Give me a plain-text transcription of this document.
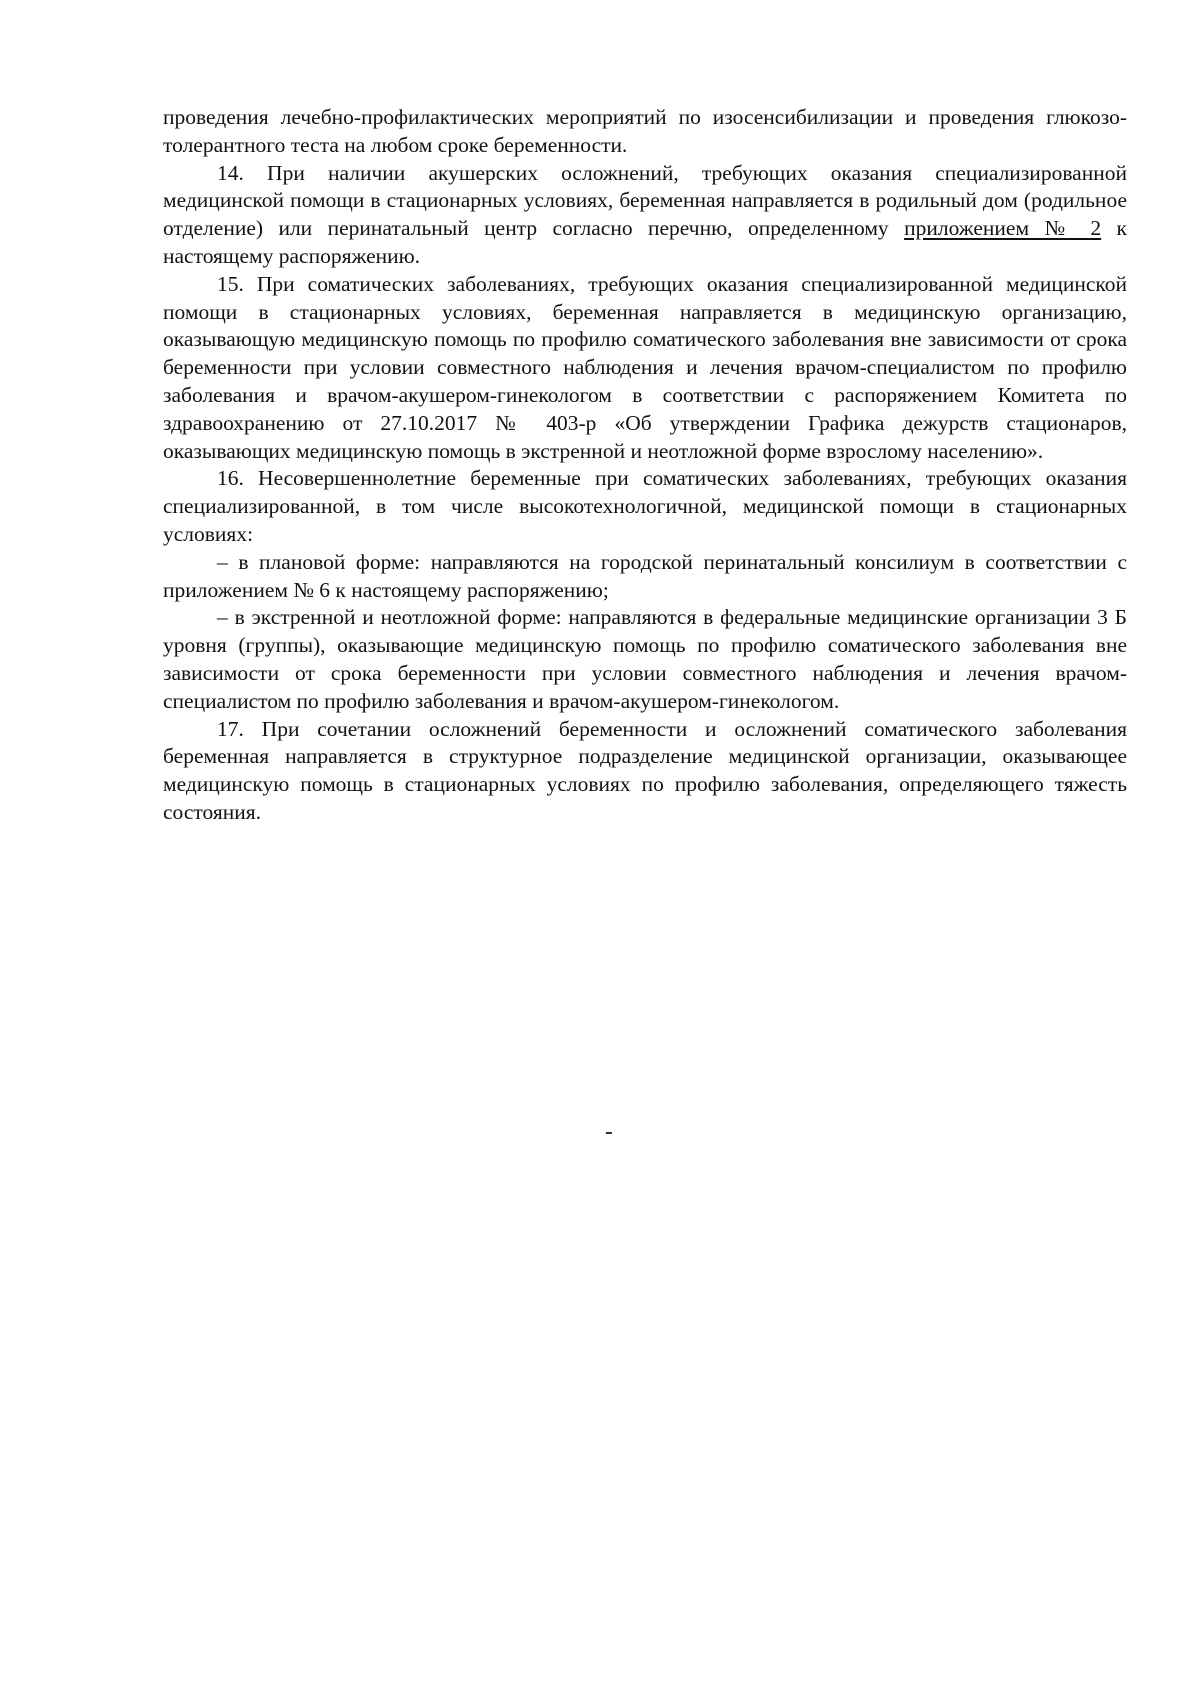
проведения лечебно-профилактических мероприятий по изосенсибилизации и проведения глюкозо-толерантного теста на любом сроке беременности.

14. При наличии акушерских осложнений, требующих оказания специализированной медицинской помощи в стационарных условиях, беременная направляется в родильный дом (родильное отделение) или перинатальный центр согласно перечню, определенному приложением № 2 к настоящему распоряжению.

15. При соматических заболеваниях, требующих оказания специализированной медицинской помощи в стационарных условиях, беременная направляется в медицинскую организацию, оказывающую медицинскую помощь по профилю соматического заболевания вне зависимости от срока беременности при условии совместного наблюдения и лечения врачом-специалистом по профилю заболевания и врачом-акушером-гинекологом в соответствии с распоряжением Комитета по здравоохранению от 27.10.2017 № 403-р «Об утверждении Графика дежурств стационаров, оказывающих медицинскую помощь в экстренной и неотложной форме взрослому населению».

16. Несовершеннолетние беременные при соматических заболеваниях, требующих оказания специализированной, в том числе высокотехнологичной, медицинской помощи в стационарных условиях:

– в плановой форме: направляются на городской перинатальный консилиум в соответствии с приложением № 6 к настоящему распоряжению;

– в экстренной и неотложной форме: направляются в федеральные медицинские организации 3 Б уровня (группы), оказывающие медицинскую помощь по профилю соматического заболевания вне зависимости от срока беременности при условии совместного наблюдения и лечения врачом-специалистом по профилю заболевания и врачом-акушером-гинекологом.

17. При сочетании осложнений беременности и осложнений соматического заболевания беременная направляется в структурное подразделение медицинской организации, оказывающее медицинскую помощь в стационарных условиях по профилю заболевания, определяющего тяжесть состояния.
